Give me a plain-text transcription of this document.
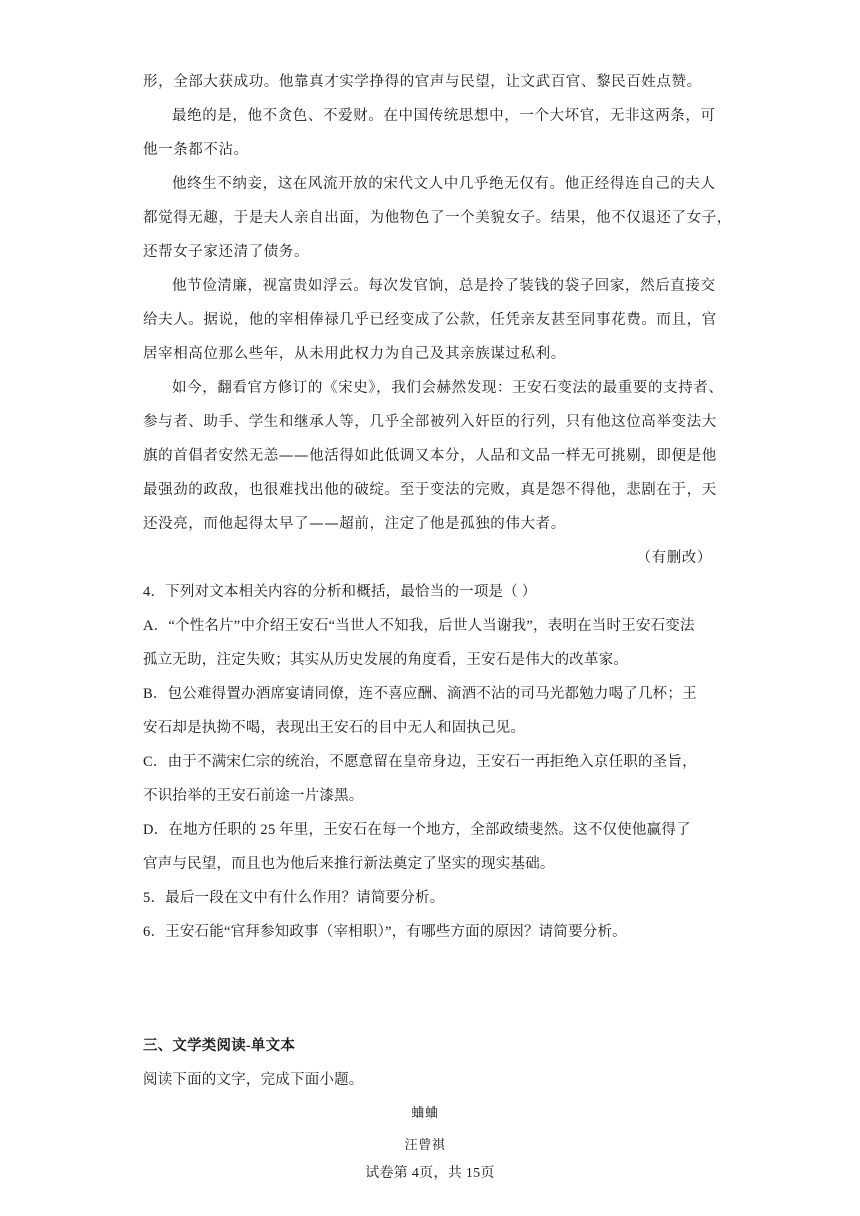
形，全部大获成功。他靠真才实学挣得的官声与民望，让文武百官、黎民百姓点赞。
最绝的是，他不贪色、不爱财。在中国传统思想中，一个大坏官，无非这两条，可
他一条都不沾。
他终生不纳妾，这在风流开放的宋代文人中几乎绝无仅有。他正经得连自己的夫人
都觉得无趣，于是夫人亲自出面，为他物色了一个美貌女子。结果，他不仅退还了女子，
还帮女子家还清了债务。
他节俭清廉，视富贵如浮云。每次发官饷，总是拎了装钱的袋子回家，然后直接交
给夫人。据说，他的宰相俸禄几乎已经变成了公款，任凭亲友甚至同事花费。而且，官
居宰相高位那么些年，从未用此权力为自己及其亲族谋过私利。
如今，翻看官方修订的《宋史》，我们会赫然发现：王安石变法的最重要的支持者、
参与者、助手、学生和继承人等，几乎全部被列入奸臣的行列，只有他这位高举变法大
旗的首倡者安然无恙——他活得如此低调又本分，人品和文品一样无可挑剔，即便是他
最强劲的政敌，也很难找出他的破绽。至于变法的完败，真是怨不得他，悲剧在于，天
还没亮，而他起得太早了——超前，注定了他是孤独的伟大者。
（有删改）
4．下列对文本相关内容的分析和概括，最恰当的一项是（ ）
A．“个性名片”中介绍王安石“当世人不知我，后世人当谢我”，表明在当时王安石变法
孤立无助，注定失败；其实从历史发展的角度看，王安石是伟大的改革家。
B．包公难得置办酒席宴请同僚，连不喜应酬、滴酒不沾的司马光都勉力喝了几杯；王
安石却是执拗不喝，表现出王安石的目中无人和固执己见。
C．由于不满宋仁宗的统治，不愿意留在皇帝身边，王安石一再拒绝入京任职的圣旨，
不识抬举的王安石前途一片漆黑。
D．在地方任职的 25 年里，王安石在每一个地方，全部政绩斐然。这不仅使他赢得了
官声与民望，而且也为他后来推行新法奠定了坚实的现实基础。
5．最后一段在文中有什么作用？请简要分析。
6．王安石能“官拜参知政事（宰相职）”，有哪些方面的原因？请简要分析。
三、文学类阅读-单文本
阅读下面的文字，完成下面小题。
蛐蛐
汪曾祺
试卷第 4页，共 15页
